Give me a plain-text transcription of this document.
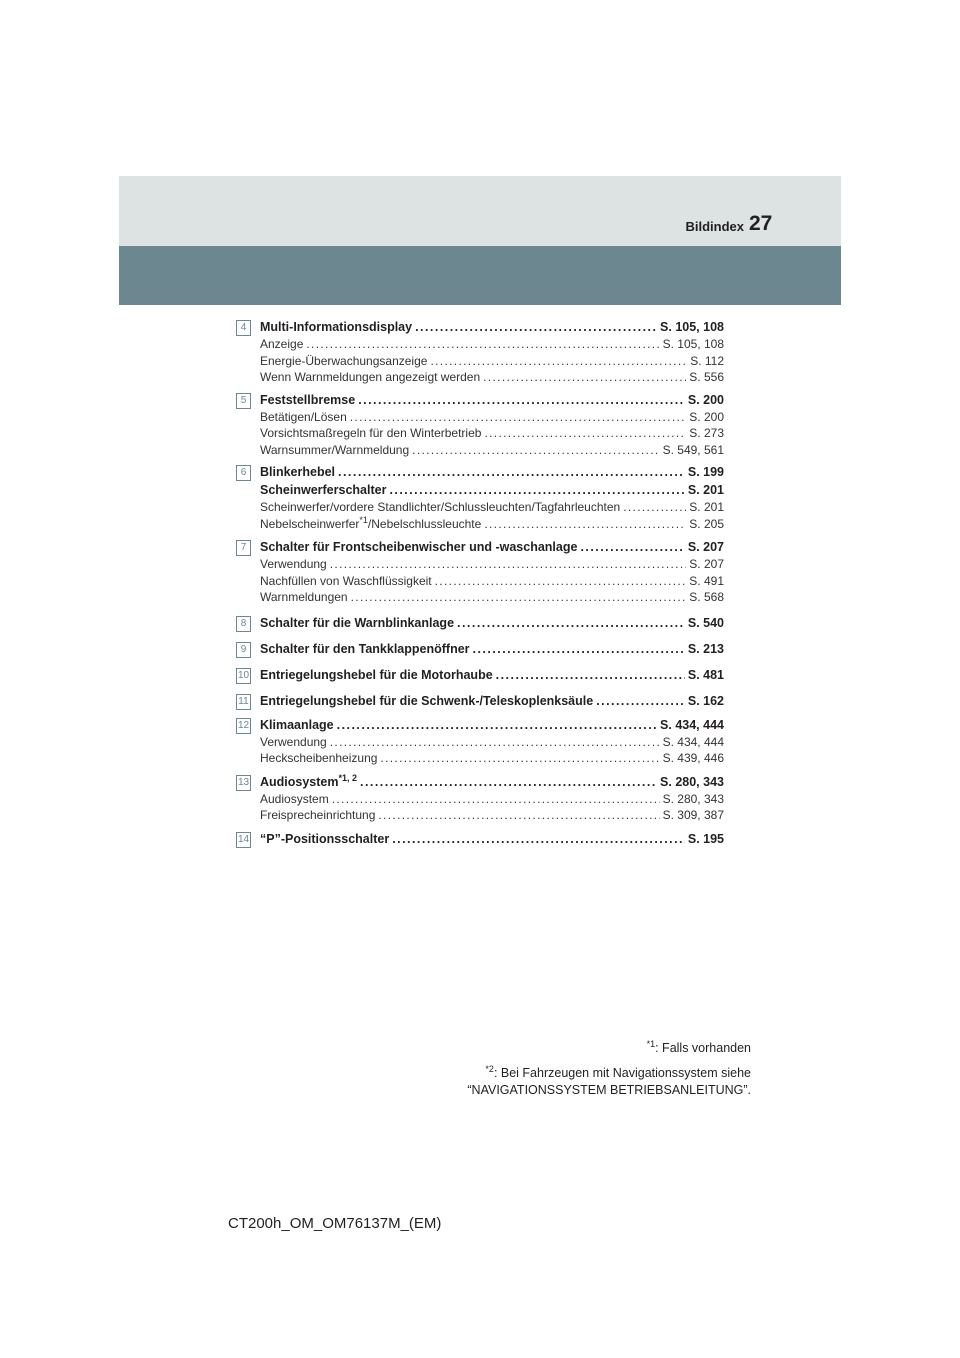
Bildindex 27
4	Multi-Informationsdisplay . . .	S. 105, 108
Anzeige . . .	S. 105, 108
Energie-Überwachungsanzeige . . .	S. 112
Wenn Warnmeldungen angezeigt werden . . .	S. 556
5	Feststellbremse . . .	S. 200
Betätigen/Lösen . . .	S. 200
Vorsichtsmaßregeln für den Winterbetrieb . . .	S. 273
Warnsummer/Warnmeldung . . .	S. 549, 561
6	Blinkerhebel . . .	S. 199
Scheinwerferschalter . . .	S. 201
Scheinwerfer/vordere Standlichter/Schlussleuchten/Tagfahrleuchten . . .	S. 201
Nebelscheinwerfer$^{*1}$/Nebelschlussleuchte . . .	S. 205
7	Schalter für Frontscheibenwischer und -waschanlage . . .	S. 207
Verwendung . . .	S. 207
Nachfüllen von Waschflüssigkeit . . .	S. 491
Warnmeldungen . . .	S. 568
8	Schalter für die Warnblinkanlage . . .	S. 540
9	Schalter für den Tankklappenöffner . . .	S. 213
10 Entriegelungshebel für die Motorhaube . . .	S. 481
11 Entriegelungshebel für die Schwenk-/Teleskoplenksäule . . .	S. 162
12 Klimaanlage . . .	S. 434, 444
Verwendung . . .	S. 434, 444
Heckscheibenheizung . . .	S. 439, 446
13 Audiosystem$^{*1, 2}$ . . .	S. 280, 343
Audiosystem . . .	S. 280, 343
Freisprecheinrichtung . . .	S. 309, 387
14 “P”-Positionsschalter . . .	S. 195
$^{*1}$: Falls vorhanden
$^{*2}$: Bei Fahrzeugen mit Navigationssystem siehe
“NAVIGATIONSSYSTEM BETRIEBSANLEITUNG”.
CT200h_OM_OM76137M_(EM)
